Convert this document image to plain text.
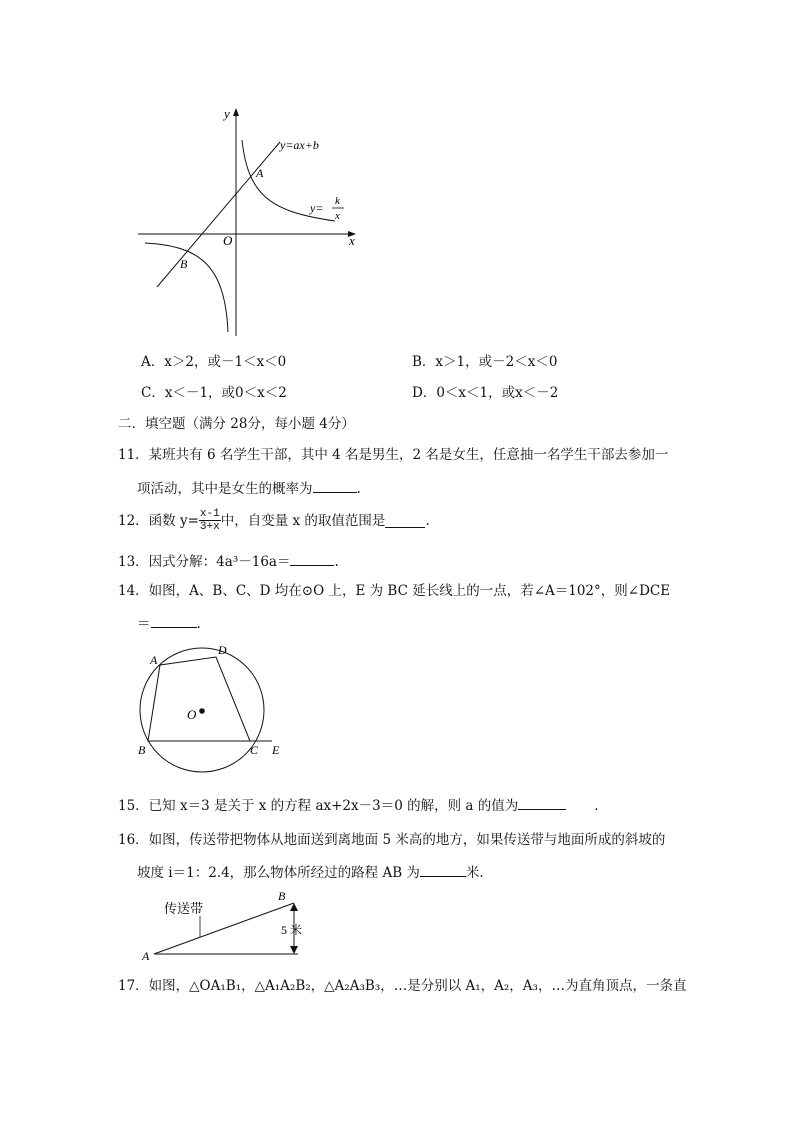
y
x
O
A
B
y=ax+b
y= k
x
A．x＞2，或－1＜x＜0	B．x＞1，或－2＜x＜0
C．x＜－1，或0＜x＜2	D．0＜x＜1，或x＜－2
二．填空题（满分 28分，每小题 4分）
11．某班共有 6 名学生干部，其中 4 名是男生，2 名是女生，任意抽一名学生干部去参加一
项活动，其中是女生的概率为	.
12．函数 $y= \frac{x-1}{3+x}$ 中，自变量 x 的取值范围是	.
13．因式分解：4a³－16a＝	.
14．如图，A、B、C、D 均在⊙O 上，E 为 BC 延长线上的一点，若∠A＝102°，则∠DCE
＝	.
A
D
O
B	C E
15．已知 x＝3 是关于 x 的方程 ax+2x－3＝0 的解，则 a 的值为	.
16．如图，传送带把物体从地面送到离地面 5 米高的地方，如果传送带与地面所成的斜坡的
坡度 i＝1：2.4，那么物体所经过的路程 AB 为	米.
传送带
A
B
5 米
17．如图，△OA₁B₁，△A₁A₂B₂，△A₂A₃B₃，…是分别以 A₁，A₂，A₃，…为直角顶点，一条直
